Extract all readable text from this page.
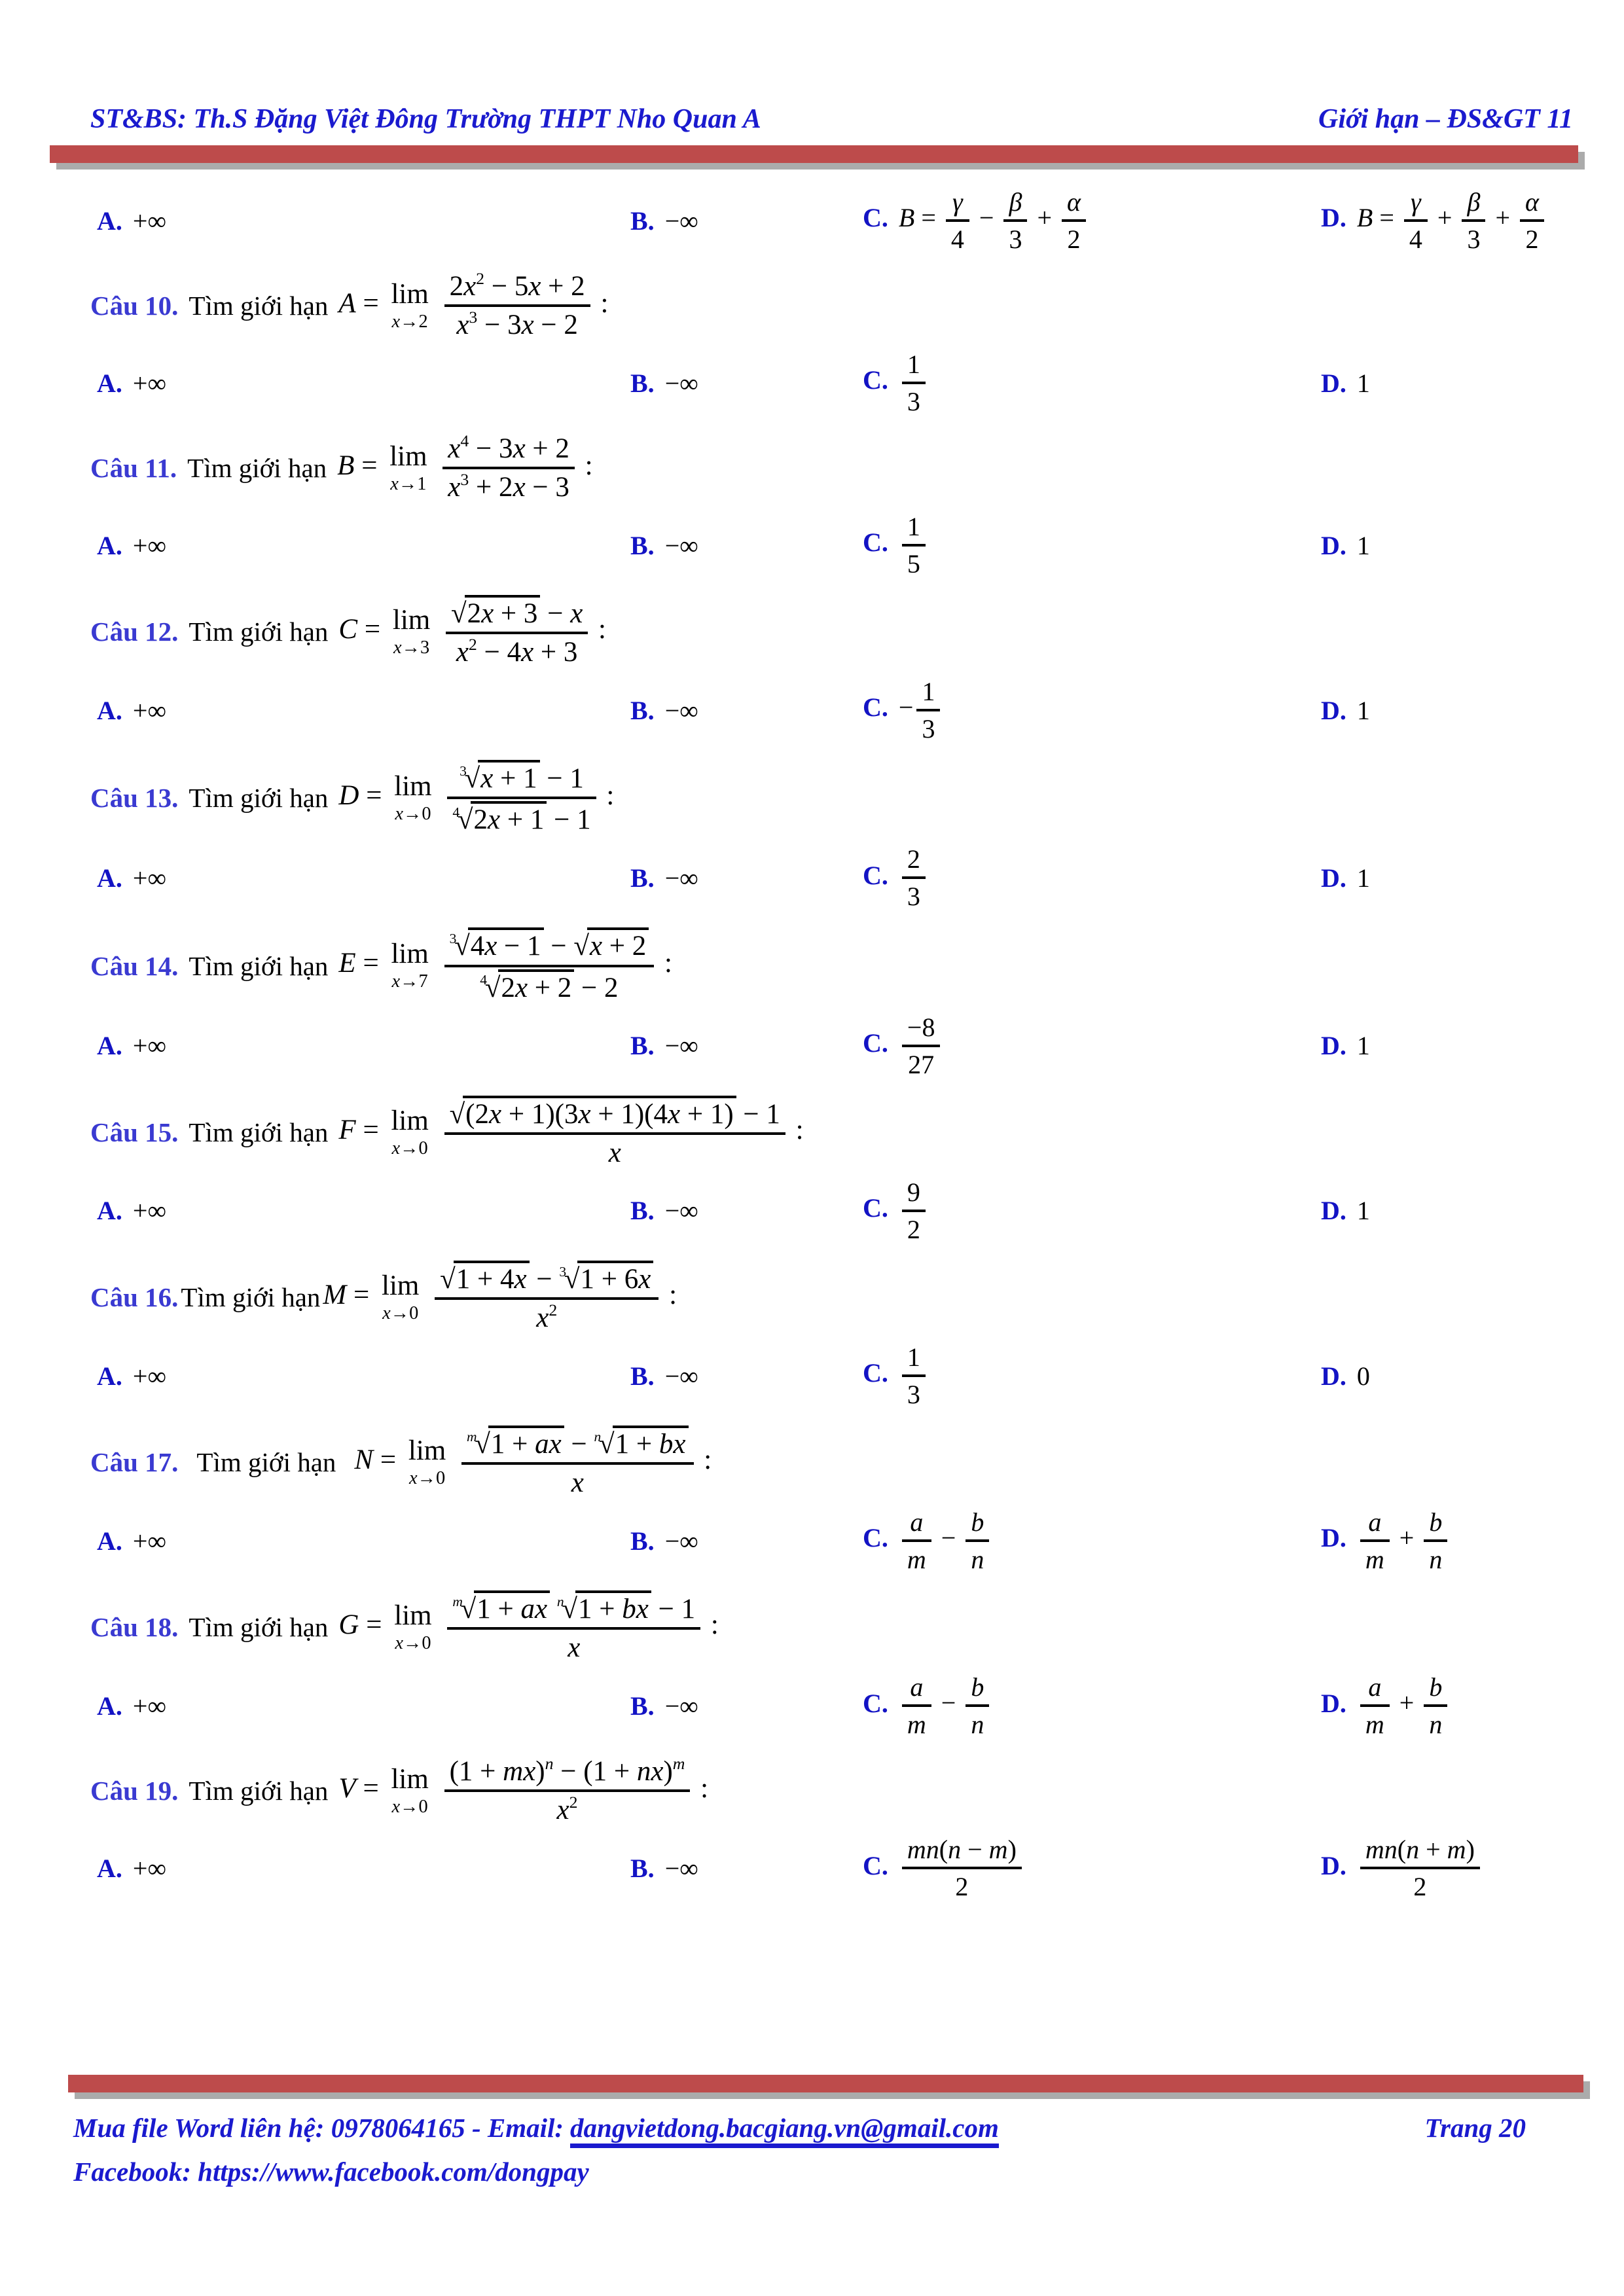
ST&BS: Th.S Đặng Việt Đông Trường THPT Nho Quan A	Giới hạn – ĐS&GT 11
A. +∞	B. −∞	C. $B = \frac{\gamma}{4} - \frac{\beta}{3} + \frac{\alpha}{2}$	D. $B = \frac{\gamma}{4} + \frac{\beta}{3} + \frac{\alpha}{2}$
Câu 10. Tìm giới hạn A = lim
x→2
$\frac{2x^2 - 5x + 2}{x^3 - 3x - 2}$ :
A. +∞	B. −∞	C. $\frac{1}{3}$	D. 1
Câu 11. Tìm giới hạn B = lim
x→1
$\frac{x^4 - 3x + 2}{x^3 + 2x - 3}$ :
A. +∞	B. −∞	C. $\frac{1}{5}$	D. 1
Câu 12. Tìm giới hạn C = lim
x→3
$\frac{√2x + 3 - x}{x^2 - 4x + 3}$ :
A. +∞	B. −∞	C. − $\frac{1}{3}$	D. 1
Câu 13. Tìm giới hạn D = lim
x→0
$\frac{^3√x + 1 - 1}{^4√2x + 1 - 1}$ :
A. +∞	B. −∞	C. $\frac{2}{3}$	D. 1
Câu 14. Tìm giới hạn E = lim
x→7
$\frac{^3√4x - 1 - √x + 2}{^4√2x + 2 - 2}$ :
A. +∞	B. −∞	C. $\frac{-8}{27}$	D. 1
Câu 15. Tìm giới hạn F = lim
x→0
$\frac{√(2x + 1)(3x + 1)(4x + 1) - 1}{x}$ :
A. +∞	B. −∞	C. $\frac{9}{2}$	D. 1
Câu 16. Tìm giới hạn M = lim
x→0
$\frac{√1 + 4x - ^3√1 + 6x}{x^2}$ :
A. +∞	B. −∞	C. $\frac{1}{3}$	D. 0
Câu 17. Tìm giới hạn N = lim
x→0
$\frac{^m√1 + ax - ^n√1 + bx}{x}$ :
A. +∞	B. −∞	C. $\frac{a}{m} - \frac{b}{n}$	D. $\frac{a}{m} + \frac{b}{n}$
Câu 18. Tìm giới hạn G = lim
x→0
$\frac{^m√1 + ax ^n√1 + bx - 1}{x}$ :
A. +∞	B. −∞	C. $\frac{a}{m} - \frac{b}{n}$	D. $\frac{a}{m} + \frac{b}{n}$
Câu 19. Tìm giới hạn V = lim
x→0
$\frac{(1 + mx)^n - (1 + nx)^m}{x^2}$ :
A. +∞	B. −∞	C. $\frac{mn(n - m)}{2}$	D. $\frac{mn(n + m)}{2}$
Mua file Word liên hệ: 0978064165 - Email: dangvietdong.bacgiang.vn@gmail.com	Trang 20
Facebook: https://www.facebook.com/dongpay
